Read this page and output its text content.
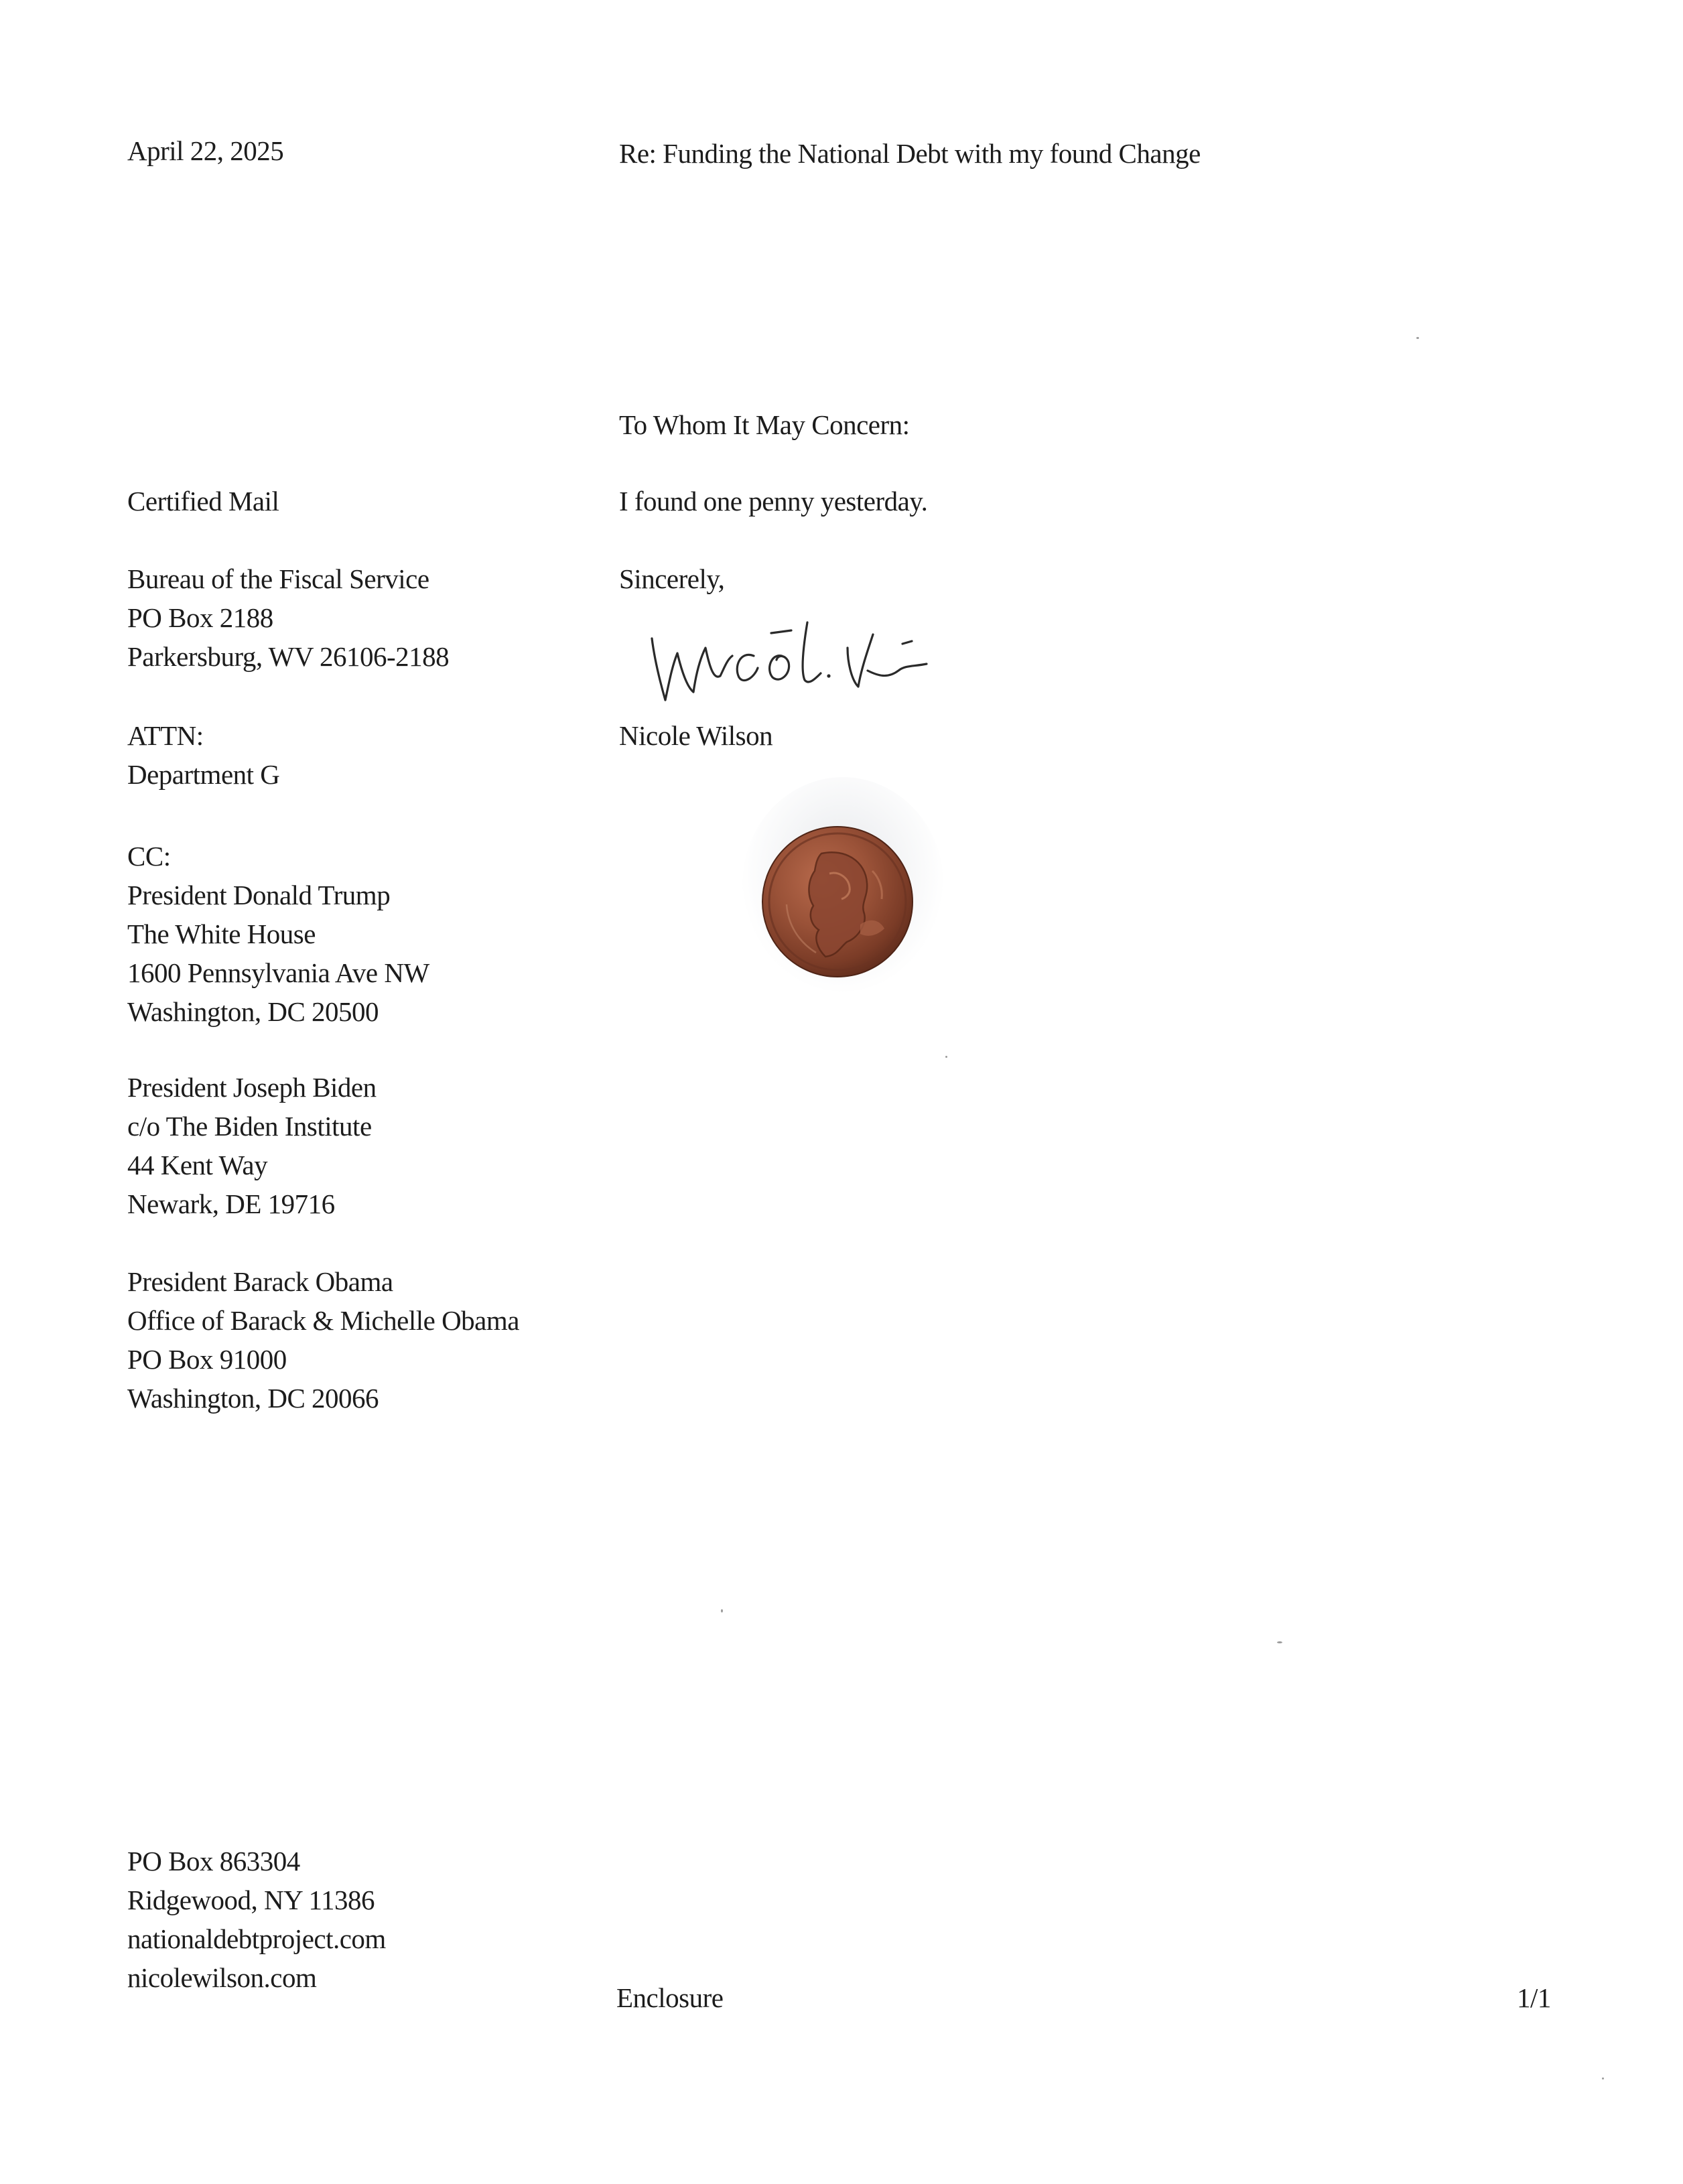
April 22, 2025	Re: Funding the National Debt with my found Change
To Whom It May Concern:
Certified Mail	I found one penny yesterday.
Bureau of the Fiscal Service
PO Box 2188
Parkersburg, WV 26106-2188
Sincerely,
ATTN:
Department G
Nicole Wilson
CC:
President Donald Trump
The White House
1600 Pennsylvania Ave NW
Washington, DC 20500
President Joseph Biden
c/o The Biden Institute
44 Kent Way
Newark, DE 19716
President Barack Obama
Office of Barack & Michelle Obama
PO Box 91000
Washington, DC 20066
PO Box 863304
Ridgewood, NY 11386
nationaldebtproject.com
nicolewilson.com
Enclosure	1/1
